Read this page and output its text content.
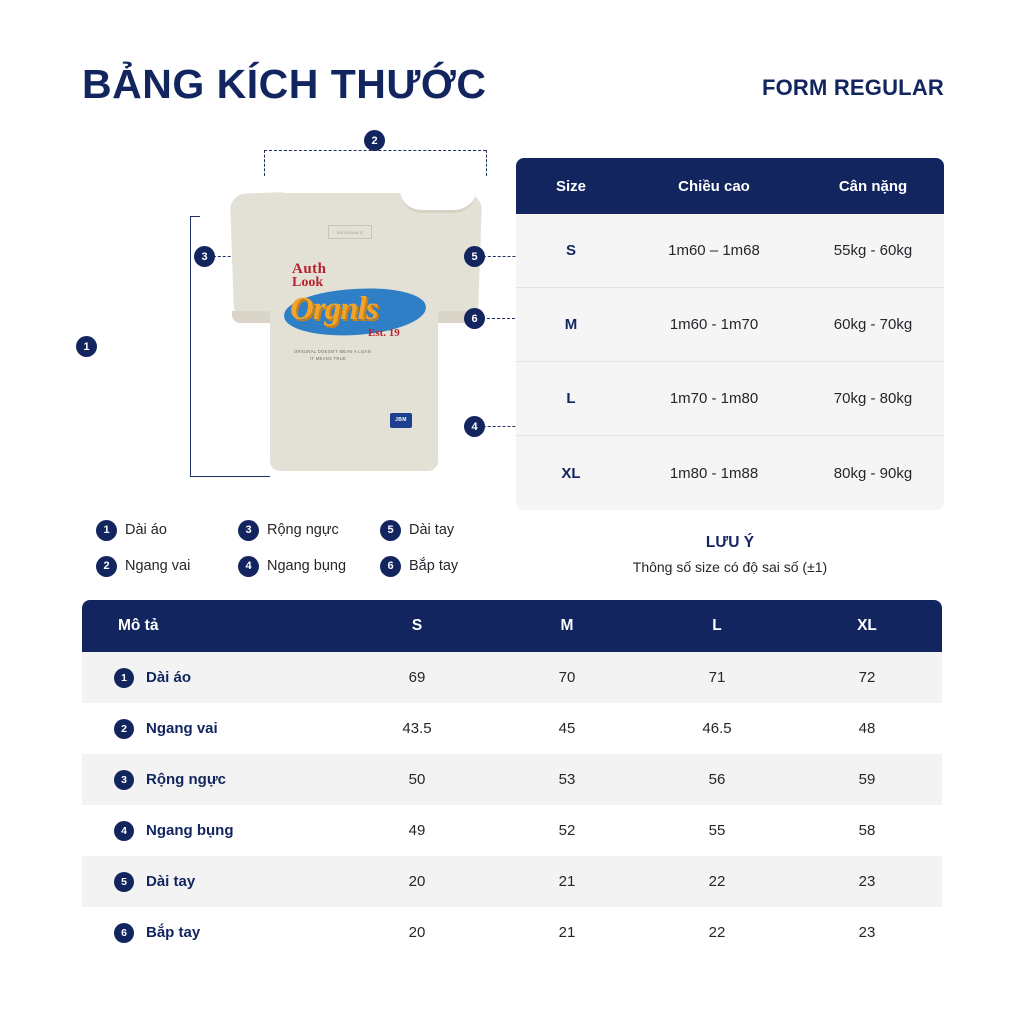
BẢNG KÍCH THƯỚC	FORM REGULAR
ORIGINALS
Auth
Look
Orgnls
Est. 19
ORIGINAL DOESN'T MEAN A LOAN
IT MEANS TRUE
JBM
2
3
1
5
6
4
1	Dài áo	3	Rộng ngực	5	Dài tay
2	Ngang vai	4	Ngang bụng	6	Bắp tay
Size	Chiều cao	Cân nặng
S	1m60 – 1m68	55kg - 60kg
M	1m60 - 1m70	60kg - 70kg
L	1m70 - 1m80	70kg - 80kg
XL	1m80 - 1m88	80kg - 90kg
LƯU Ý
Thông số size có độ sai số (±1)
Mô tả	S	M	L	XL
1	Dài áo	69	70	71	72
2	Ngang vai	43.5	45	46.5	48
3	Rộng ngực	50	53	56	59
4	Ngang bụng	49	52	55	58
5	Dài tay	20	21	22	23
6	Bắp tay	20	21	22	23
